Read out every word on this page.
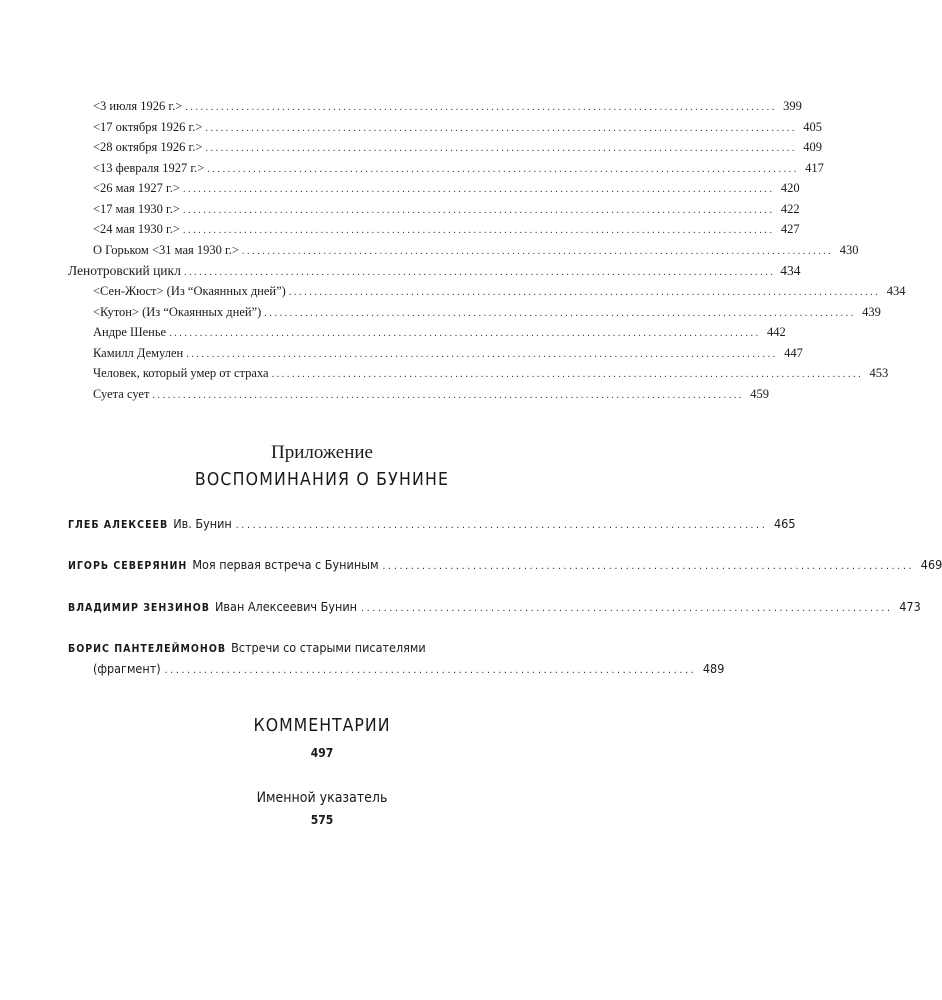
<3 июля 1926 г.> .................................................................................................................... 399
<17 октября 1926 г.> .................................................................................................................... 405
<28 октября 1926 г.> .................................................................................................................... 409
<13 февраля 1927 г.> .................................................................................................................... 417
<26 мая 1927 г.> .................................................................................................................... 420
<17 мая 1930 г.> .................................................................................................................... 422
<24 мая 1930 г.> .................................................................................................................... 427
О Горьком <31 мая 1930 г.> .................................................................................................................... 430
Ленотровский цикл .................................................................................................................... 434
<Сен-Жюст> (Из “Окаянных дней”) .................................................................................................................... 434
<Кутон> (Из “Окаянных дней”) .................................................................................................................... 439
Андре Шенье .................................................................................................................... 442
Камилл Демулен .................................................................................................................... 447
Человек, который умер от страха .................................................................................................................... 453
Суета сует .................................................................................................................... 459
Приложение
ВОСПОМИНАНИЯ О БУНИНЕ
ГЛЕБ АЛЕКСЕЕВ Ив. Бунин .............................................................................................. 465
ИГОРЬ СЕВЕРЯНИН Моя первая встреча с Буниным .............................................................................................. 469
ВЛАДИМИР ЗЕНЗИНОВ Иван Алексеевич Бунин .............................................................................................. 473
БОРИС ПАНТЕЛЕЙМОНОВ Встречи со старыми писателями
(фрагмент) .............................................................................................. 489
КОММЕНТАРИИ
497
Именной указатель
575
